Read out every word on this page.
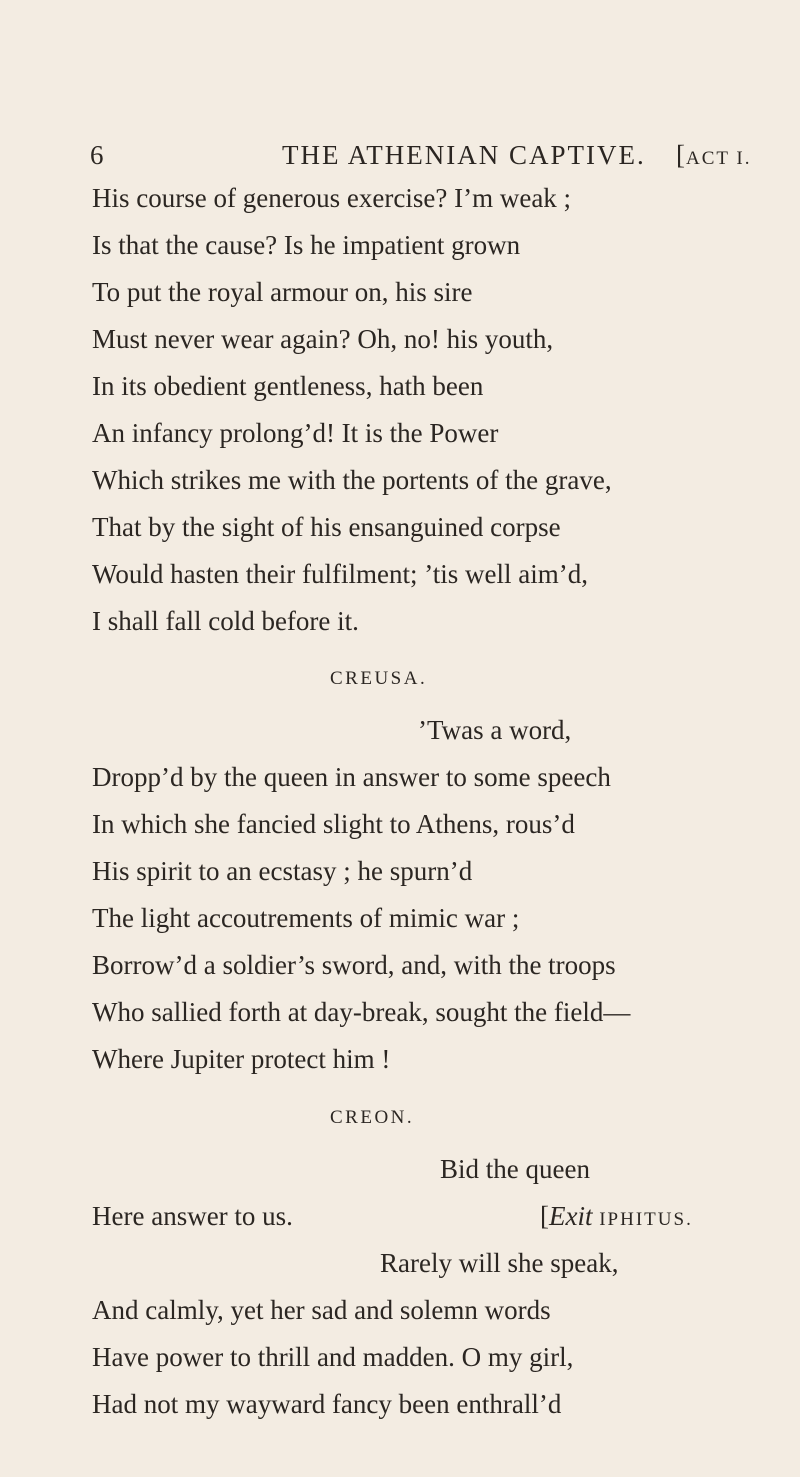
6	THE ATHENIAN CAPTIVE. [ACT I.
His course of generous exercise? I’m weak ;
Is that the cause? Is he impatient grown
To put the royal armour on, his sire
Must never wear again? Oh, no! his youth,
In its obedient gentleness, hath been
An infancy prolong’d! It is the Power
Which strikes me with the portents of the grave,
That by the sight of his ensanguined corpse
Would hasten their fulfilment; ’tis well aim’d,
I shall fall cold before it.
CREUSA.
’Twas a word,
Dropp’d by the queen in answer to some speech
In which she fancied slight to Athens, rous’d
His spirit to an ecstasy ; he spurn’d
The light accoutrements of mimic war ;
Borrow’d a soldier’s sword, and, with the troops
Who sallied forth at day-break, sought the field—
Where Jupiter protect him !
CREON.
Bid the queen
Here answer to us.	[Exit IPHITUS.
Rarely will she speak,
And calmly, yet her sad and solemn words
Have power to thrill and madden. O my girl,
Had not my wayward fancy been enthrall’d
